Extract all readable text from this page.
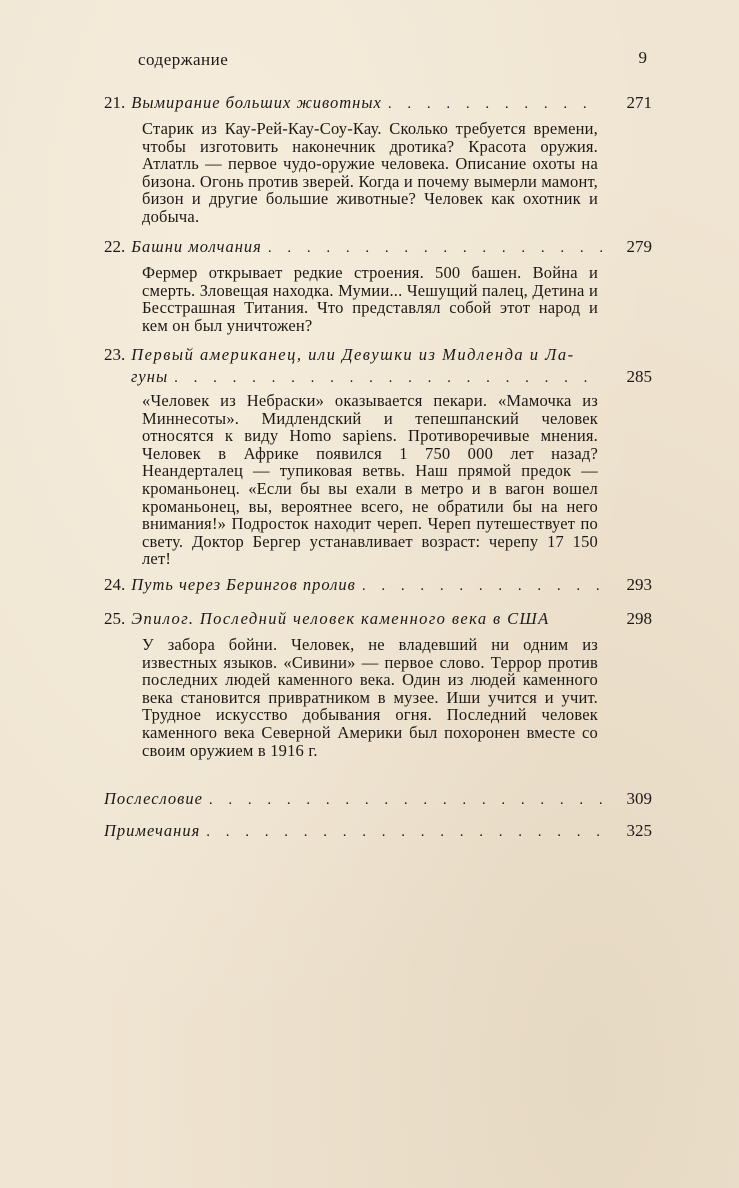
содержание	9
21. Вымирание больших животных . . .	271
Старик из Кау-Рей-Кау-Соу-Кау. Сколько требуется времени, чтобы изготовить наконечник дротика? Красота оружия. Атлатль — первое чудо-оружие человека. Описание охоты на бизона. Огонь против зверей. Когда и почему вымерли мамонт, бизон и другие большие животные? Человек как охотник и добыча.
22. Башни молчания . . .	279
Фермер открывает редкие строения. 500 башен. Война и смерть. Зловещая находка. Мумии... Чешущий палец, Детина и Бесстрашная Титания. Что представлял собой этот народ и кем он был уничтожен?
23. Первый американец, или Девушки из Мидленда и Ла-
гуны . . .	285
«Человек из Небраски» оказывается пекари. «Мамочка из Миннесоты». Мидлендский и тепешпанский человек относятся к виду Homo sapiens. Противоречивые мнения. Человек в Африке появился 1 750 000 лет назад? Неандерталец — тупиковая ветвь. Наш прямой предок — кроманьонец. «Если бы вы ехали в метро и в вагон вошел кроманьонец, вы, вероятнее всего, не обратили бы на него внимания!» Подросток находит череп. Череп путешествует по свету. Доктор Бергер устанавливает возраст: черепу 17 150 лет!
24. Путь через Берингов пролив . . .	293
25. Эпилог. Последний человек каменного века в США	298
У забора бойни. Человек, не владевший ни одним из известных языков. «Сивини» — первое слово. Террор против последних людей каменного века. Один из людей каменного века становится привратником в музее. Иши учится и учит. Трудное искусство добывания огня. Последний человек каменного века Северной Америки был похоронен вместе со своим оружием в 1916 г.
Послесловие . . .	309
Примечания . . .	325
